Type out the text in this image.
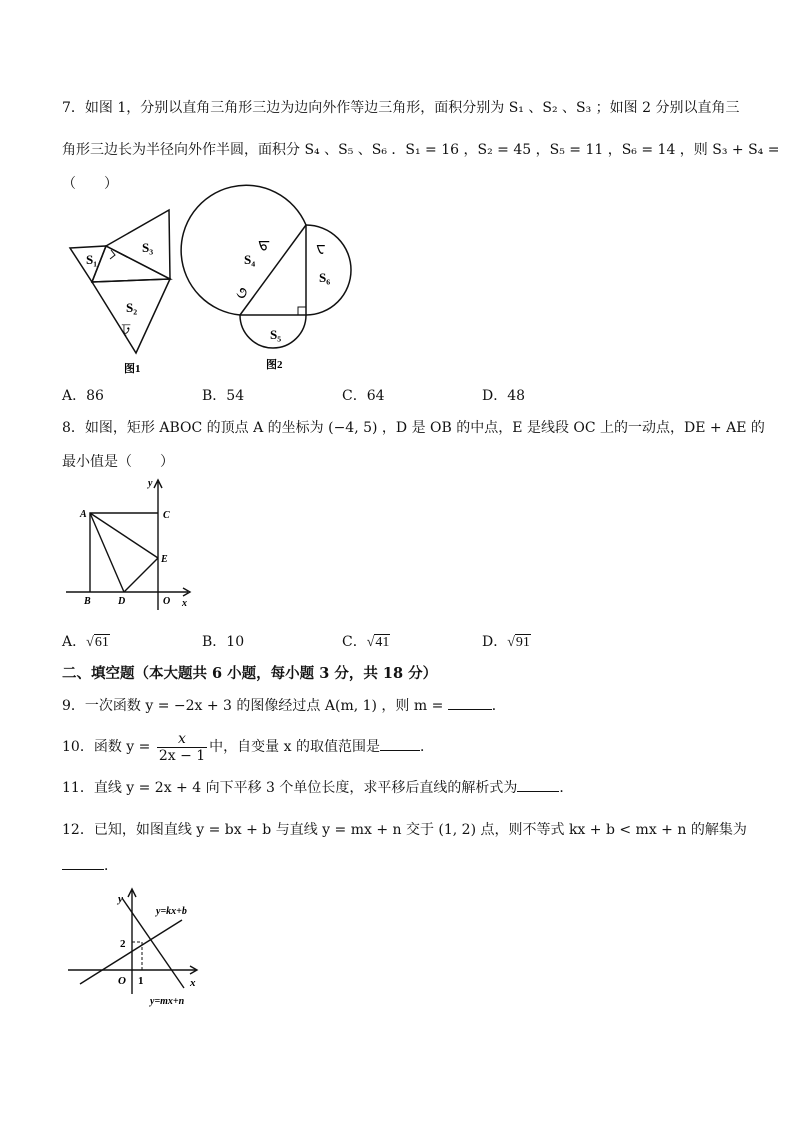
7．如图 1，分别以直角三角形三边为边向外作等边三角形，面积分别为 S₁ 、S₂ 、S₃ ；如图 2 分别以直角三
角形三边长为半径向外作半圆，面积分 S₄ 、S₅ 、S₆ ．S₁ = 16 ，S₂ = 45 ，S₅ = 11 ，S₆ = 14 ，则 S₃ + S₄ =
（　　）
S₃
S₁
S₂
ঢ়
图1
S₄
S₆
S₅
ᠳ	ᠸ
૭
图2
A．86	B．54	C．64	D．48
8．如图，矩形 ABOC 的顶点 A 的坐标为 (−4, 5) ，D 是 OB 的中点，E 是线段 OC 上的一动点，DE + AE 的
最小值是（　　）
y
x
A	C
E
B	D	O
A．√61	B．10	C．√41	D．√91
二、填空题（本大题共 6 小题，每小题 3 分，共 18 分）
9．一次函数 y = −2x + 3 的图像经过点 A(m, 1) ，则 m =	．
10．函数 $y = \frac{x}{2x - 1}$ 中，自变量 x 的取值范围是	．
11．直线 y = 2x + 4 向下平移 3 个单位长度，求平移后直线的解析式为	．
12．已知，如图直线 y = bx + b 与直线 y = mx + n 交于 (1, 2) 点，则不等式 kx + b < mx + n 的解集为
．
y
x
O 1
2
y=kx+b
y=mx+n
